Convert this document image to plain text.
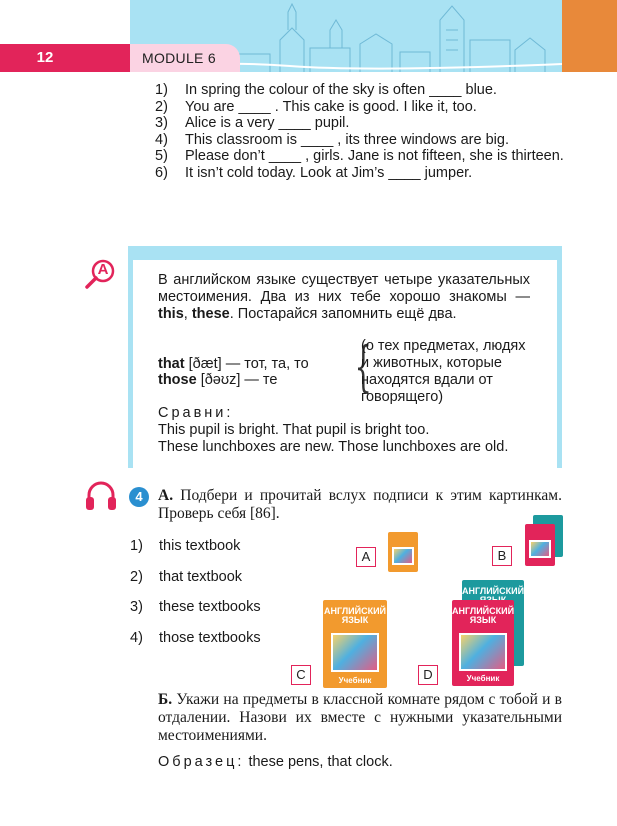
12	MODULE 6
1)	In spring the colour of the sky is often ____ blue.
2)	You are ____ . This cake is good. I like it, too.
3)	Alice is a very ____ pupil.
4)	This classroom is ____ , its three windows are big.
5)	Please don’t ____ , girls. Jane is not fifteen, she is thirteen.
6)	It isn’t cold today. Look at Jim’s ____ jumper.
A
В английском языке существует четыре указательных местоимения. Два из них тебе хорошо знакомы — this, these. Постарайся запомнить ещё два.
that [ðæt] — тот, та, то
those [ðəʊz] — те {
(о тех предметах, людях и животных, которые находятся вдали от говорящего)
Сравни:
This pupil is bright. That pupil is bright too.
These lunchboxes are new. Those lunchboxes are old.
4 А. Подбери и прочитай вслух подписи к этим картинкам. Проверь себя [86].
1) this textbook
2) that textbook
3) these textbooks
4) those textbooks
A	B
АНГЛИЙСКИЙ ЯЗЫК
Учебник
C
АНГЛИЙСКИЙ
АНГЛИЙСКИЙ ЯЗЫК
Учебник
D
Б. Укажи на предметы в классной комнате рядом с тобой и в отдалении. Назови их вместе с нужными указательными местоимениями.
Образец: these pens, that clock.
